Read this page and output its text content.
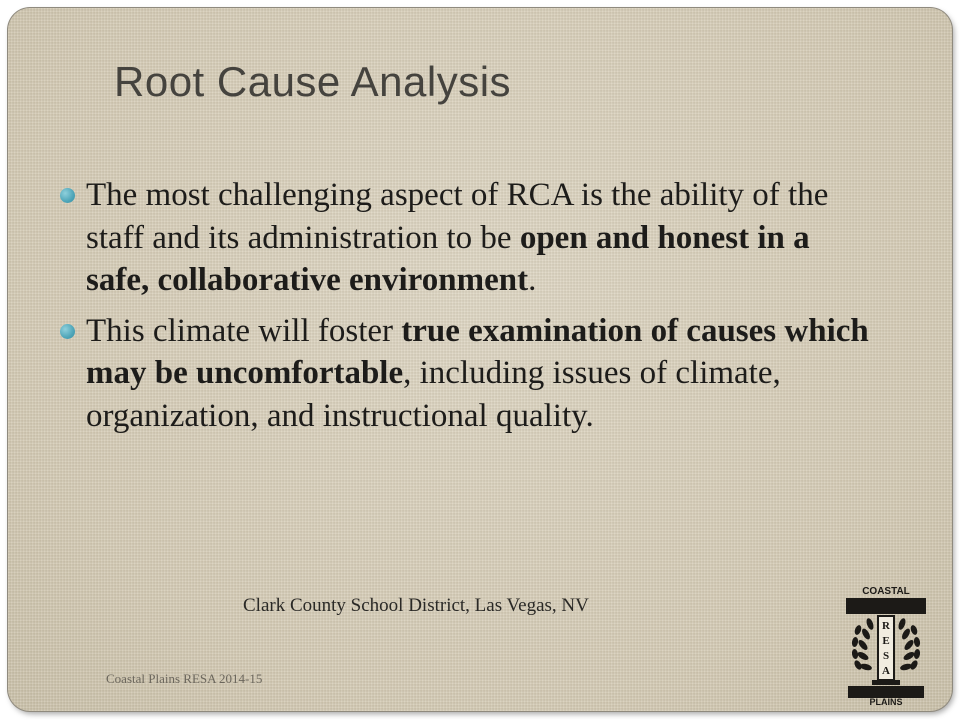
Root Cause Analysis
The most challenging aspect of RCA is the ability of the staff and its administration to be open and honest in a safe, collaborative environment.
This climate will foster true examination of causes which may be uncomfortable, including issues of climate, organization, and instructional quality.
Clark County School District, Las Vegas, NV
Coastal Plains RESA 2014-15
COASTAL
R
E
S
A
PLAINS
